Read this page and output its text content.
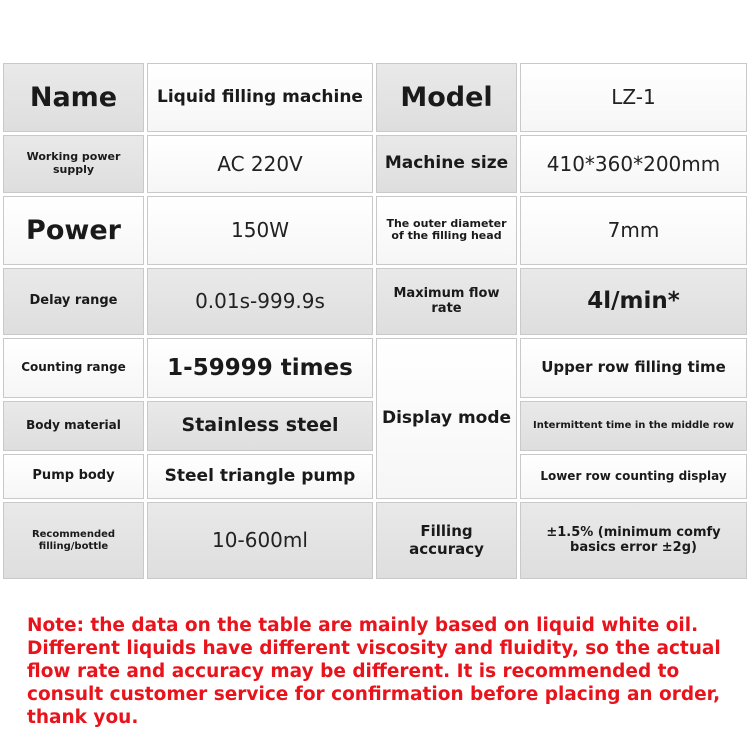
Name	Liquid filling machine	Model	LZ-1
Working power supply	AC 220V	Machine size	410*360*200mm
Power	150W	The outer diameter of the filling head	7mm
Delay range	0.01s-999.9s	Maximum flow rate	4l/min*
Counting range	1-59999 times	Display mode	Upper row filling time
Body material	Stainless steel		Intermittent time in the middle row
Pump body	Steel triangle pump		Lower row counting display
Recommended filling/bottle	10-600ml	Filling accuracy	±1.5% (minimum comfy basics error ±2g)

Note: the data on the table are mainly based on liquid white oil. Different liquids have different viscosity and fluidity, so the actual flow rate and accuracy may be different. It is recommended to consult customer service for confirmation before placing an order, thank you.
